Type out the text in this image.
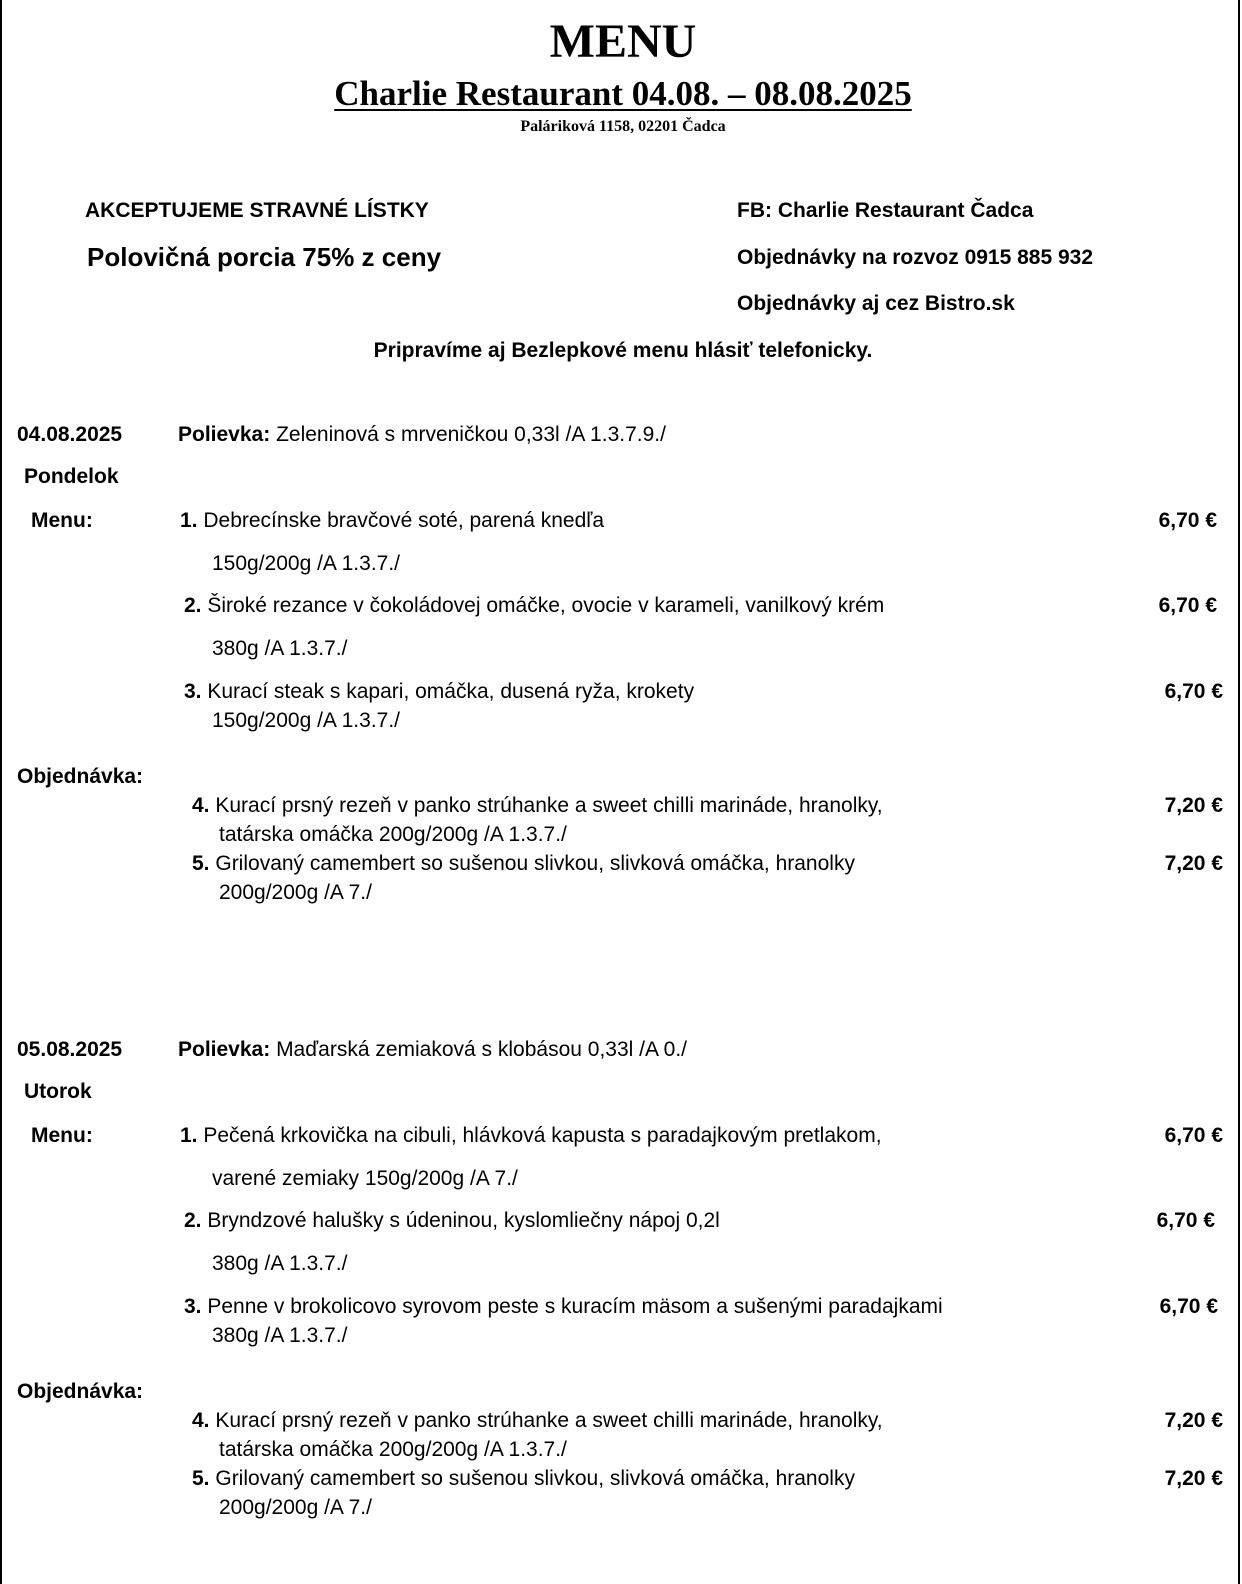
MENU
Charlie Restaurant 04.08. – 08.08.2025
Paláriková 1158, 02201 Čadca
AKCEPTUJEME STRAVNÉ LÍSTKY
Polovičná porcia 75% z ceny
FB: Charlie Restaurant Čadca
Objednávky na rozvoz 0915 885 932
Objednávky aj cez Bistro.sk
Pripravíme aj Bezlepkové menu hlásiť telefonicky.
04.08.2025	Polievka: Zeleninová s mrveničkou 0,33l /A 1.3.7.9./
Pondelok
Menu:	1. Debrecínske bravčové soté, parená knedľa
150g/200g /A 1.3.7./
6,70 €
2. Široké rezance v čokoládovej omáčke, ovocie v karameli, vanilkový krém
380g /A 1.3.7./
6,70 €
3. Kurací steak s kapari, omáčka, dusená ryža, krokety
150g/200g /A 1.3.7./
6,70 €
Objednávka:
4. Kurací prsný rezeň v panko strúhanke a sweet chilli marináde, hranolky,
tatárska omáčka 200g/200g /A 1.3.7./
7,20 €
5. Grilovaný camembert so sušenou slivkou, slivková omáčka, hranolky
200g/200g /A 7./
7,20 €
05.08.2025	Polievka: Maďarská zemiaková s klobásou 0,33l /A 0./
Utorok
Menu:	1. Pečená krkovička na cibuli, hlávková kapusta s paradajkovým pretlakom,
varené zemiaky 150g/200g /A 7./
6,70 €
2. Bryndzové halušky s údeninou, kyslomliečny nápoj 0,2l
380g /A 1.3.7./
6,70 €
3. Penne v brokolicovo syrovom peste s kuracím mäsom a sušenými paradajkami
380g /A 1.3.7./
6,70 €
Objednávka:
4. Kurací prsný rezeň v panko strúhanke a sweet chilli marináde, hranolky,
tatárska omáčka 200g/200g /A 1.3.7./
7,20 €
5. Grilovaný camembert so sušenou slivkou, slivková omáčka, hranolky
200g/200g /A 7./
7,20 €
